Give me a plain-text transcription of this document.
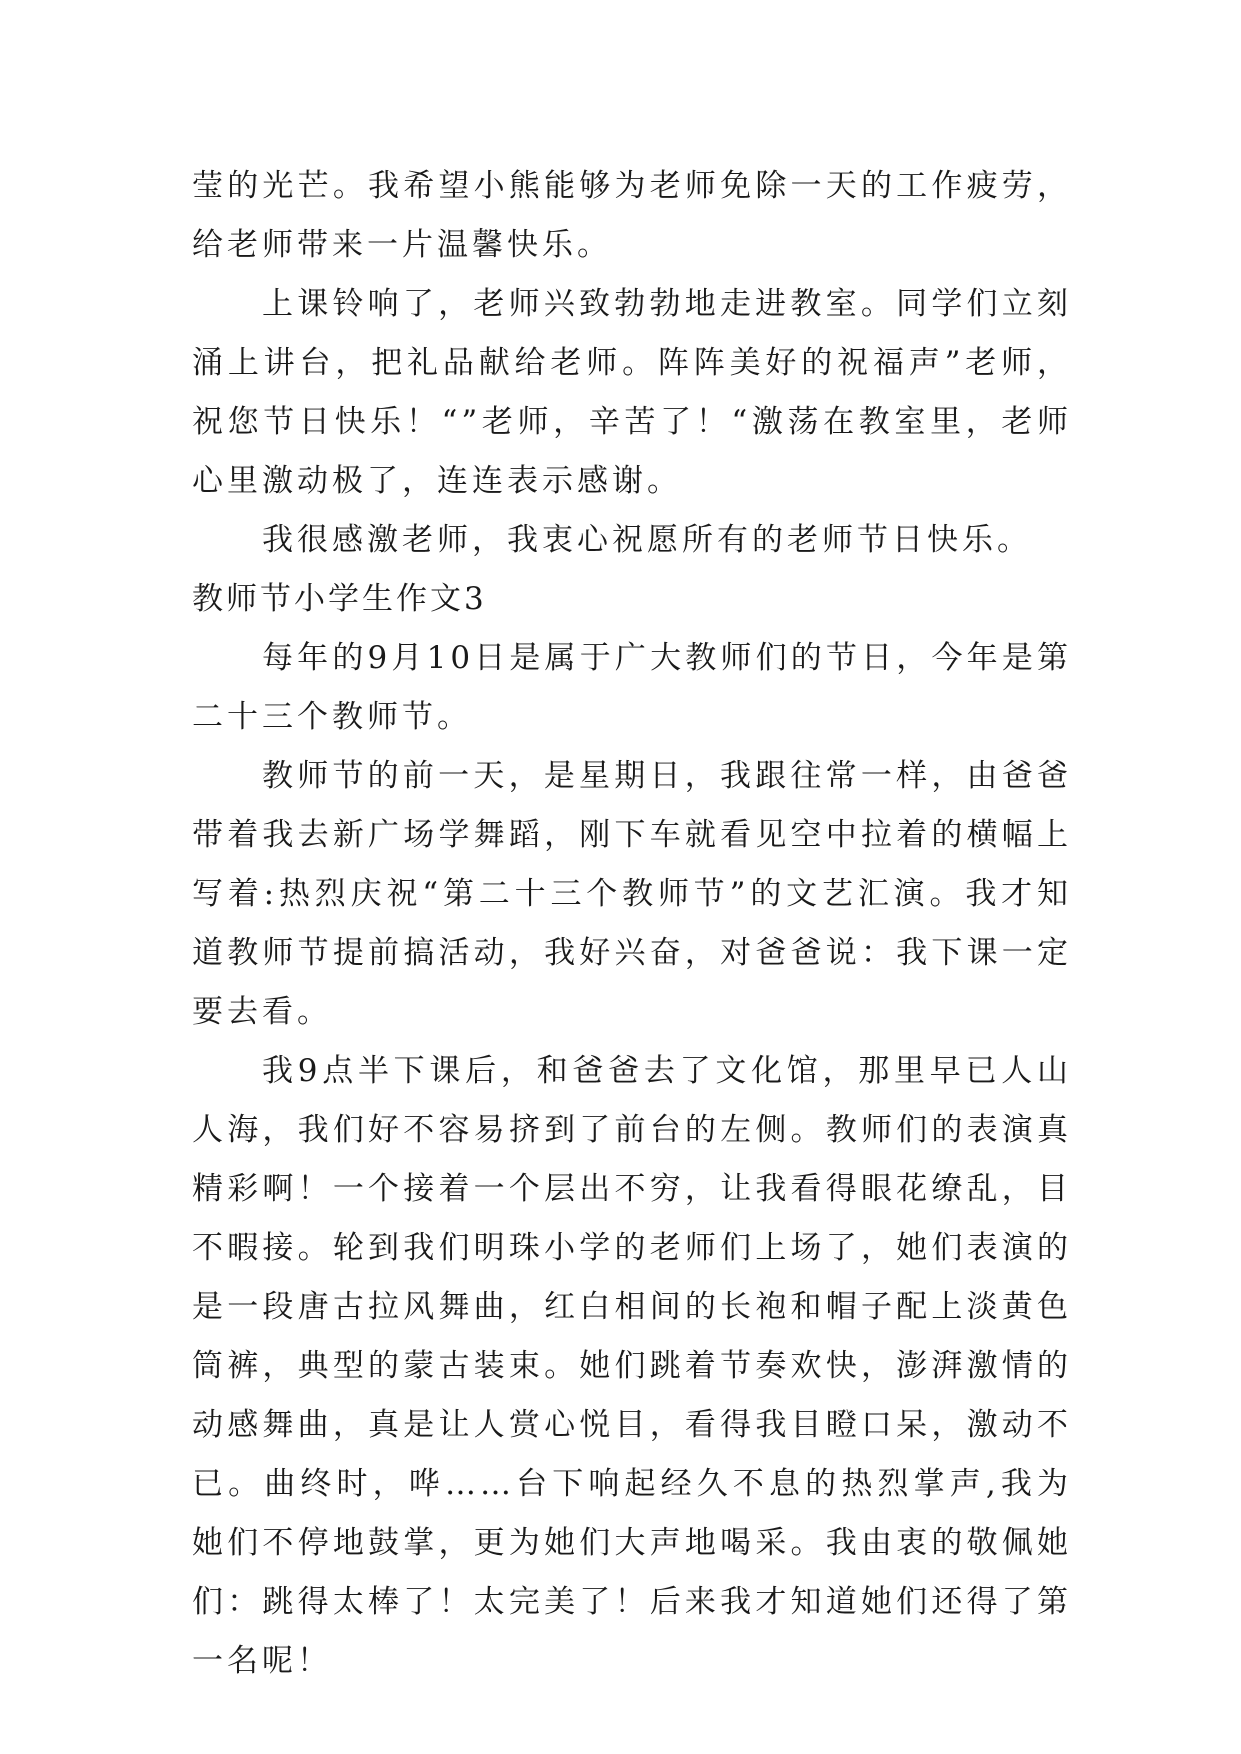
莹的光芒。我希望小熊能够为老师免除一天的工作疲劳，给老师带来一片温馨快乐。

上课铃响了，老师兴致勃勃地走进教室。同学们立刻涌上讲台，把礼品献给老师。阵阵美好的祝福声”老师，祝您节日快乐！“”老师，辛苦了！“激荡在教室里，老师心里激动极了，连连表示感谢。

我很感激老师，我衷心祝愿所有的老师节日快乐。

教师节小学生作文3

每年的9月10日是属于广大教师们的节日，今年是第二十三个教师节。

教师节的前一天，是星期日，我跟往常一样，由爸爸带着我去新广场学舞蹈，刚下车就看见空中拉着的横幅上写着:热烈庆祝“第二十三个教师节”的文艺汇演。我才知道教师节提前搞活动，我好兴奋，对爸爸说：我下课一定要去看。

我9点半下课后，和爸爸去了文化馆，那里早已人山人海，我们好不容易挤到了前台的左侧。教师们的表演真精彩啊！一个接着一个层出不穷，让我看得眼花缭乱，目不暇接。轮到我们明珠小学的老师们上场了，她们表演的是一段唐古拉风舞曲，红白相间的长袍和帽子配上淡黄色筒裤，典型的蒙古装束。她们跳着节奏欢快，澎湃激情的动感舞曲，真是让人赏心悦目，看得我目瞪口呆，激动不已。曲终时，哗……台下响起经久不息的热烈掌声,我为她们不停地鼓掌，更为她们大声地喝采。我由衷的敬佩她们：跳得太棒了！太完美了！后来我才知道她们还得了第一名呢！
